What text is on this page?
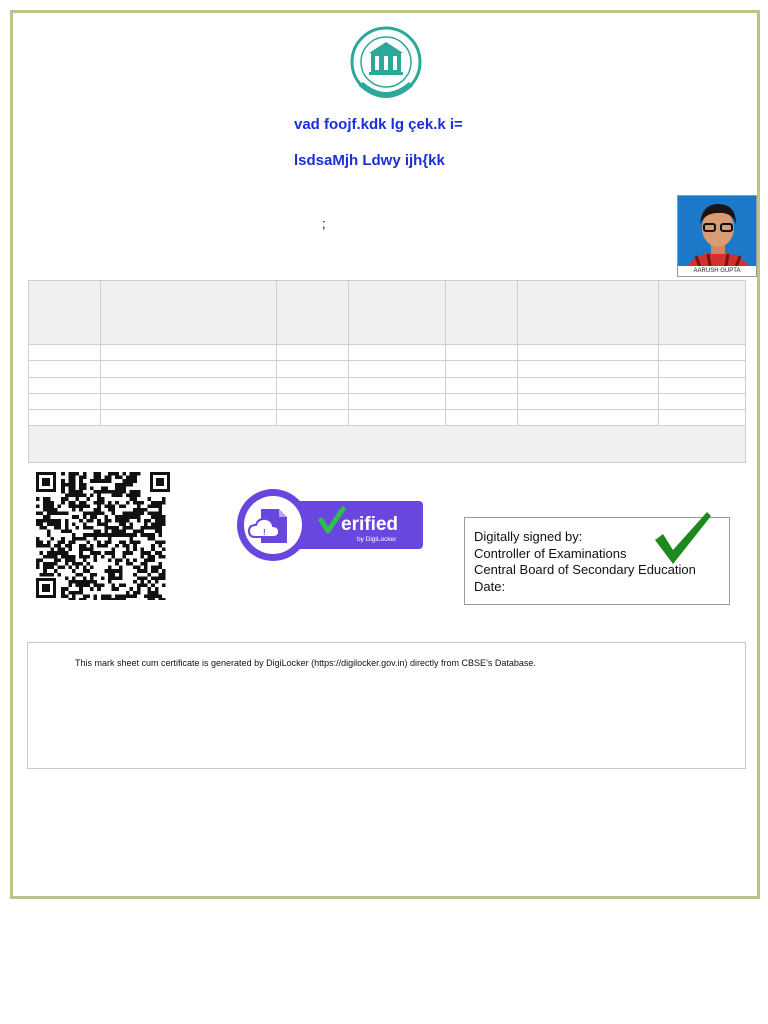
vad foojf.kdk lg çek.k i=
lsdsaMjh Ldwy ijh{kk
;
AARUSH GUPTA

!	erified
by DigiLocker	Digitally signed by:
Controller of Examinations
Central Board of Secondary Education
Date:
This mark sheet cum certificate is generated by DigiLocker (https://digilocker.gov.in) directly from CBSE’s Database.
